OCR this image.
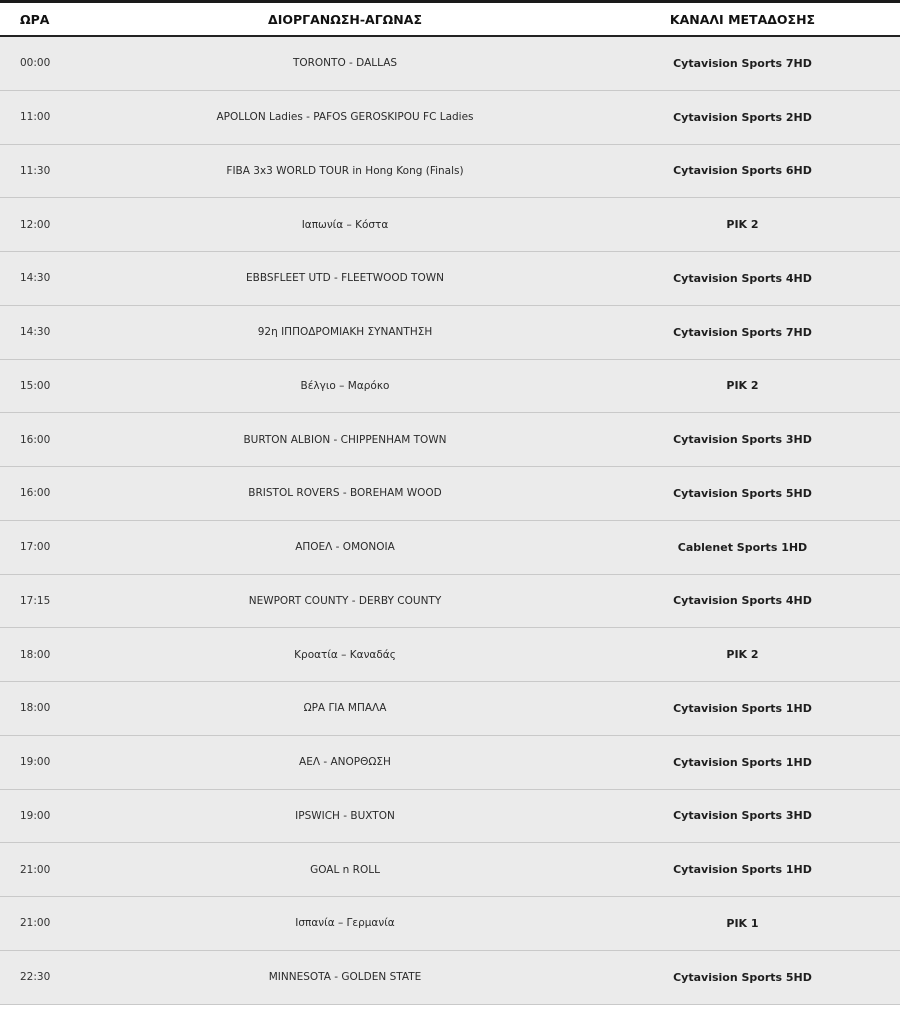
ΩΡΑ	ΔΙΟΡΓΑΝΩΣΗ-ΑΓΩΝΑΣ	ΚΑΝΑΛΙ ΜΕΤΑΔΟΣΗΣ
00:00	TORONTO - DALLAS	Cytavision Sports 7HD
11:00	APOLLON Ladies - PAFOS GEROSKIPOU FC Ladies	Cytavision Sports 2HD
11:30	FIBA 3x3 WORLD TOUR in Hong Kong (Finals)	Cytavision Sports 6HD
12:00	Ιαπωνία – Κόστα	ΡΙΚ 2
14:30	EBBSFLEET UTD - FLEETWOOD TOWN	Cytavision Sports 4HD
14:30	92η ΙΠΠΟΔΡΟΜΙΑΚΗ ΣΥΝΑΝΤΗΣΗ	Cytavision Sports 7HD
15:00	Βέλγιο – Μαρόκο	ΡΙΚ 2
16:00	BURTON ALBION - CHIPPENHAM TOWN	Cytavision Sports 3HD
16:00	BRISTOL ROVERS - BOREHAM WOOD	Cytavision Sports 5HD
17:00	ΑΠΟΕΛ - ΟΜΟΝΟΙΑ	Cablenet Sports 1HD
17:15	NEWPORT COUNTY - DERBY COUNTY	Cytavision Sports 4HD
18:00	Κροατία – Καναδάς	ΡΙΚ 2
18:00	ΩΡΑ ΓΙΑ ΜΠΑΛΑ	Cytavision Sports 1HD
19:00	ΑΕΛ - ΑΝΟΡΘΩΣΗ	Cytavision Sports 1HD
19:00	IPSWICH - BUXTON	Cytavision Sports 3HD
21:00	GOAL n ROLL	Cytavision Sports 1HD
21:00	Ισπανία – Γερμανία	ΡΙΚ 1
22:30	MINNESOTA - GOLDEN STATE	Cytavision Sports 5HD
